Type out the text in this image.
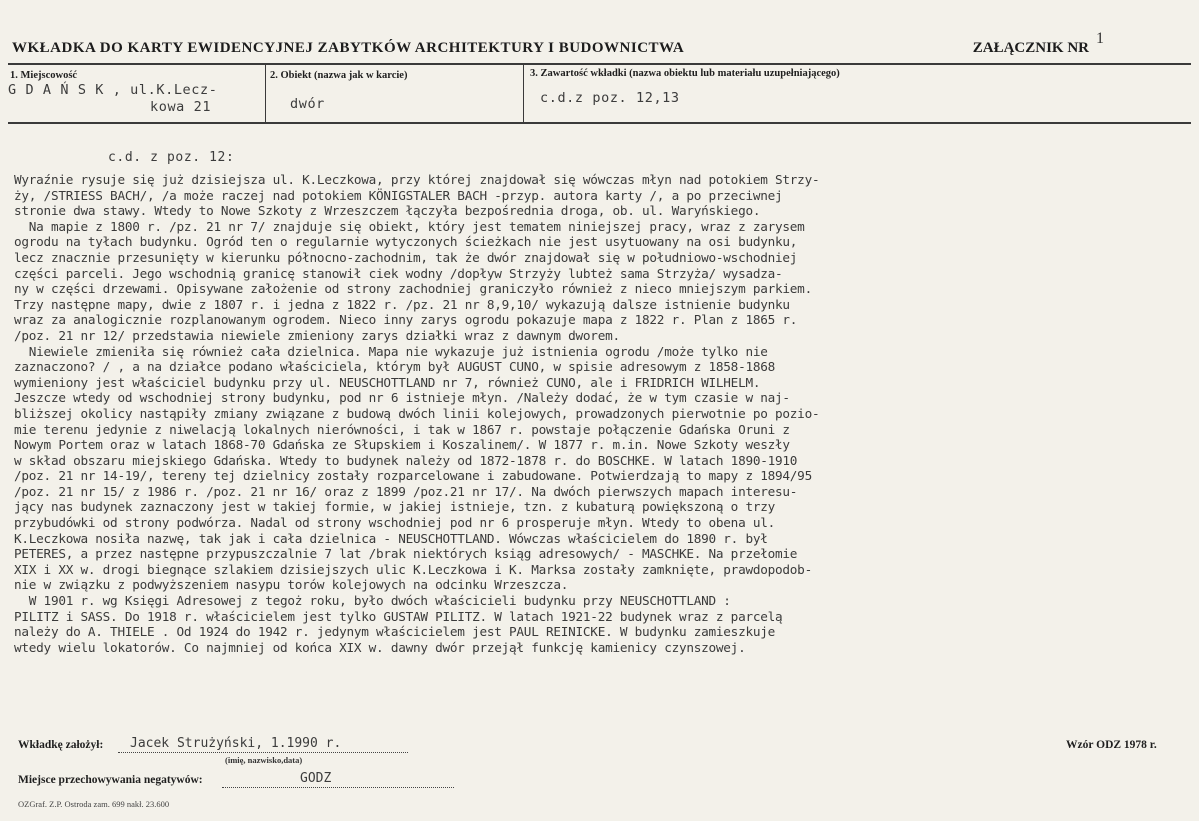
WKŁADKA DO KARTY EWIDENCYJNEJ ZABYTKÓW ARCHITEKTURY I BUDOWNICTWA	ZAŁĄCZNIK NR
1
1. Miejscowość
G D A Ń S K , ul.K.Lecz-
kowa 21
2. Obiekt (nazwa jak w karcie)
dwór
3. Zawartość wkładki (nazwa obiektu lub materiału uzupełniającego)
c.d.z poz. 12,13
c.d. z poz. 12:
Wyraźnie rysuje się już dzisiejsza ul. K.Leczkowa, przy której znajdował się wówczas młyn nad potokiem Strzy-
ży, /STRIESS BACH/, /a może raczej nad potokiem KÖNIGSTALER BACH -przyp. autora karty /, a po przeciwnej
stronie dwa stawy. Wtedy to Nowe Szkoty z Wrzeszczem łączyła bezpośrednia droga, ob. ul. Waryńskiego.
Na mapie z 1800 r. /pz. 21 nr 7/ znajduje się obiekt, który jest tematem niniejszej pracy, wraz z zarysem
ogrodu na tyłach budynku. Ogród ten o regularnie wytyczonych ścieżkach nie jest usytuowany na osi budynku,
lecz znacznie przesunięty w kierunku północno-zachodnim, tak że dwór znajdował się w południowo-wschodniej
części parceli. Jego wschodnią granicę stanowił ciek wodny /dopływ Strzyży lubteż sama Strzyża/ wysadza-
ny w części drzewami. Opisywane założenie od strony zachodniej graniczyło również z nieco mniejszym parkiem.
Trzy następne mapy, dwie z 1807 r. i jedna z 1822 r. /pz. 21 nr 8,9,10/ wykazują dalsze istnienie budynku
wraz za analogicznie rozplanowanym ogrodem. Nieco inny zarys ogrodu pokazuje mapa z 1822 r. Plan z 1865 r.
/poz. 21 nr 12/ przedstawia niewiele zmieniony zarys działki wraz z dawnym dworem.
Niewiele zmieniła się również cała dzielnica. Mapa nie wykazuje już istnienia ogrodu /może tylko nie
zaznaczono? / , a na działce podano właściciela, którym był AUGUST CUNO, w spisie adresowym z 1858-1868
wymieniony jest właściciel budynku przy ul. NEUSCHOTTLAND nr 7, również CUNO, ale i FRIDRICH WILHELM.
Jeszcze wtedy od wschodniej strony budynku, pod nr 6 istnieje młyn. /Należy dodać, że w tym czasie w naj-
bliższej okolicy nastąpiły zmiany związane z budową dwóch linii kolejowych, prowadzonych pierwotnie po pozio-
mie terenu jedynie z niwelacją lokalnych nierówności, i tak w 1867 r. powstaje połączenie Gdańska Oruni z
Nowym Portem oraz w latach 1868-70 Gdańska ze Słupskiem i Koszalinem/. W 1877 r. m.in. Nowe Szkoty weszły
w skład obszaru miejskiego Gdańska. Wtedy to budynek należy od 1872-1878 r. do BOSCHKE. W latach 1890-1910
/poz. 21 nr 14-19/, tereny tej dzielnicy zostały rozparcelowane i zabudowane. Potwierdzają to mapy z 1894/95
/poz. 21 nr 15/ z 1986 r. /poz. 21 nr 16/ oraz z 1899 /poz.21 nr 17/. Na dwóch pierwszych mapach interesu-
jący nas budynek zaznaczony jest w takiej formie, w jakiej istnieje, tzn. z kubaturą powiększoną o trzy
przybudówki od strony podwórza. Nadal od strony wschodniej pod nr 6 prosperuje młyn. Wtedy to obena ul.
K.Leczkowa nosiła nazwę, tak jak i cała dzielnica - NEUSCHOTTLAND. Wówczas właścicielem do 1890 r. był
PETERES, a przez następne przypuszczalnie 7 lat /brak niektórych ksiąg adresowych/ - MASCHKE. Na przełomie
XIX i XX w. drogi biegnące szlakiem dzisiejszych ulic K.Leczkowa i K. Marksa zostały zamknięte, prawdopodob-
nie w związku z podwyższeniem nasypu torów kolejowych na odcinku Wrzeszcza.
W 1901 r. wg Księgi Adresowej z tegoż roku, było dwóch właścicieli budynku przy NEUSCHOTTLAND :
PILITZ i SASS. Do 1918 r. właścicielem jest tylko GUSTAW PILITZ. W latach 1921-22 budynek wraz z parcelą
należy do A. THIELE . Od 1924 do 1942 r. jedynym właścicielem jest PAUL REINICKE. W budynku zamieszkuje
wtedy wielu lokatorów. Co najmniej od końca XIX w. dawny dwór przejął funkcję kamienicy czynszowej.
Wkładkę założył: Jacek Strużyński, 1.1990 r.
(imię, nazwisko,data)
Wzór ODZ 1978 r.
Miejsce przechowywania negatywów:	GODZ
OZGraf. Z.P. Ostroda zam. 699 nakł. 23.600
